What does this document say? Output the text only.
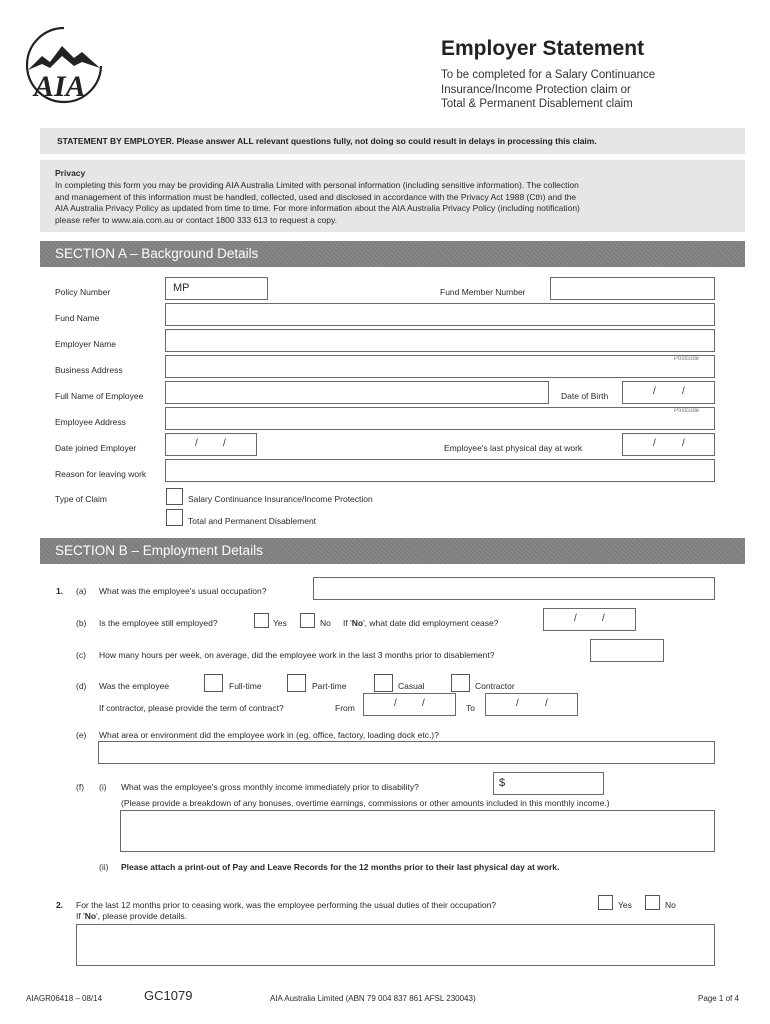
AIA
Employer Statement
To be completed for a Salary Continuance
Insurance/Income Protection claim or
Total & Permanent Disablement claim
STATEMENT BY EMPLOYER. Please answer ALL relevant questions fully, not doing so could result in delays in processing this claim.
Privacy
In completing this form you may be providing AIA Australia Limited with personal information (including sensitive information). The collection
and management of this information must be handled, collected, used and disclosed in accordance with the Privacy Act 1988 (Cth) and the
AIA Australia Privacy Policy as updated from time to time. For more information about the AIA Australia Privacy Policy (including notification)
please refer to www.aia.com.au or contact 1800 333 613 to request a copy.
SECTION A – Background Details
Policy Number	MP	Fund Member Number
Fund Name
Employer Name
Business Address
Postcode
Full Name of Employee	Date of Birth	/	/
Employee Address
Postcode
Date joined Employer	/	/	Employee's last physical day at work	/	/
Reason for leaving work
Type of Claim	Salary Continuance Insurance/Income Protection
Total and Permanent Disablement
SECTION B – Employment Details
1. (a) What was the employee's usual occupation?
(b) Is the employee still employed?	Yes	No If 'No', what date did employment cease?	/	/
(c) How many hours per week, on average, did the employee work in the last 3 months prior to disablement?
(d) Was the employee	Full-time	Part-time	Casual	Contractor
If contractor, please provide the term of contract?	From	/	/	To	/	/
(e) What area or environment did the employee work in (eg. office, factory, loading dock etc.)?
(f) (i) What was the employee's gross monthly income immediately prior to disability?	$
(Please provide a breakdown of any bonuses, overtime earnings, commissions or other amounts included in this monthly income.)
(ii) Please attach a print-out of Pay and Leave Records for the 12 months prior to their last physical day at work.
2. For the last 12 months prior to ceasing work, was the employee performing the usual duties of their occupation?	Yes	No
If 'No', please provide details.
AIAGR06418 – 08/14	GC1079	AIA Australia Limited (ABN 79 004 837 861 AFSL 230043)	Page 1 of 4
